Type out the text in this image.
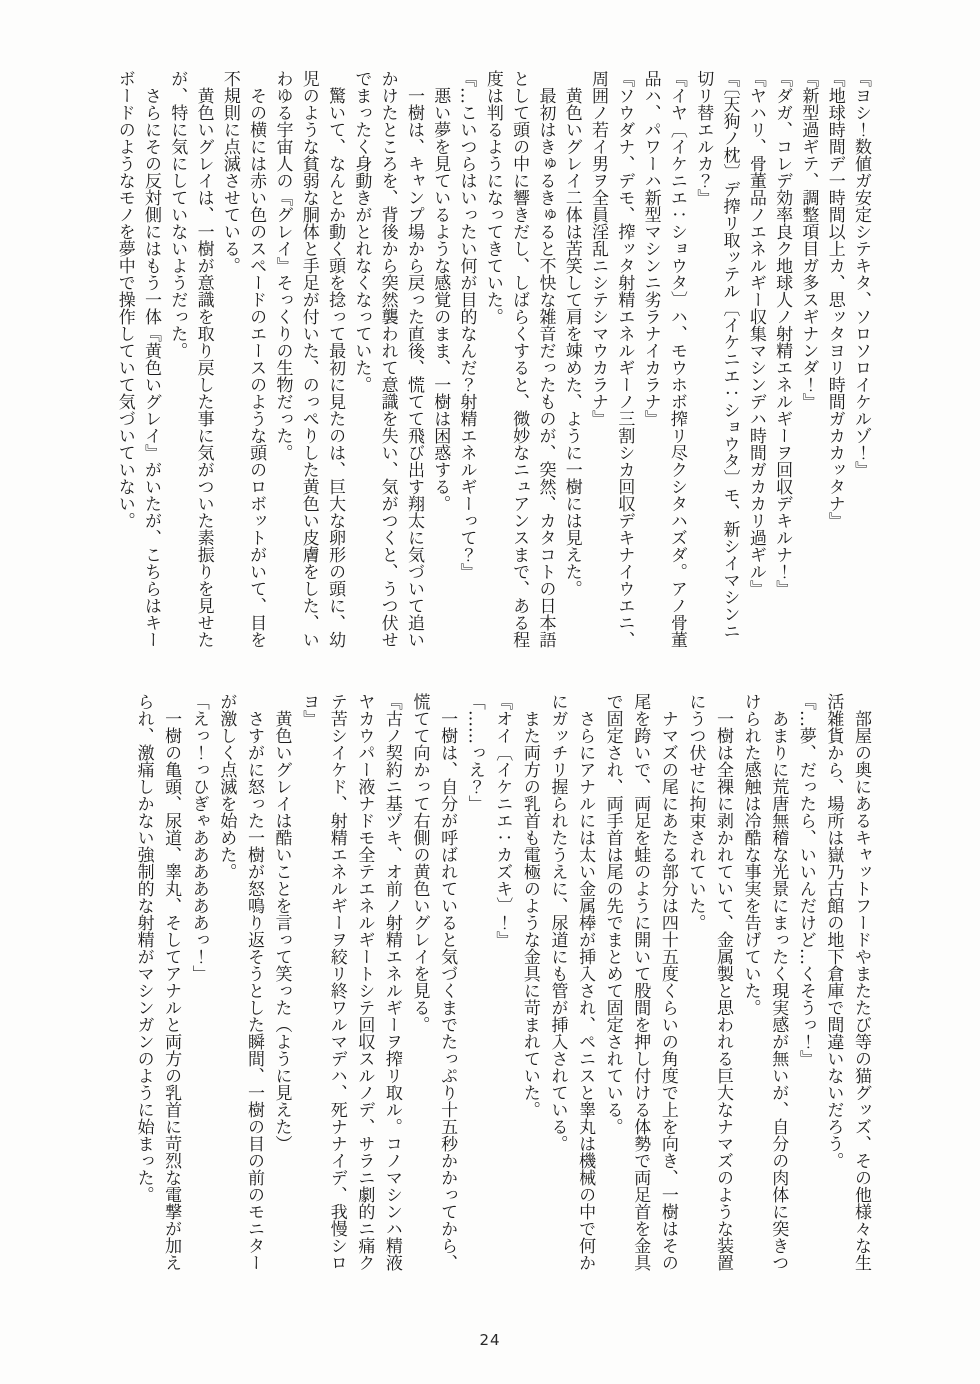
『ヨシ！数値ガ安定シテキタ、ソロソロイケルゾ！』

『地球時間デ一時間以上カ、思ッタヨリ時間ガカカッタナ』

『新型過ギテ、調整項目ガ多スギナンダ！』

『ダガ、コレデ効率良ク地球人ノ射精エネルギーヲ回収デキルナ！』

『ヤハリ、骨董品ノエネルギー収集マシンデハ時間ガカカリ過ギル』

『〔天狗ノ枕〕デ搾リ取ッテル〔イケニエ：ショウタ〕モ、新シイマシンニ

切リ替エルカ？』

『イヤ〔イケニエ：ショウタ〕ハ、モウホボ搾リ尽クシタハズダ。アノ骨董

品ハ、パワーハ新型マシンニ劣ラナイカラナ』

『ソウダナ、デモ、搾ッタ射精エネルギーノ三割シカ回収デキナイウエニ、

周囲ノ若イ男ヲ全員淫乱ニシテシマウカラナ』

　黄色いグレイ二体は苦笑して肩を竦めた、ように一樹には見えた。

　最初はきゅるきゅると不快な雑音だったものが、突然、カタコトの日本語

として頭の中に響きだし、しばらくすると、微妙なニュアンスまで、ある程

度は判るようになってきていた。

『…こいつらはいったい何が目的なんだ？射精エネルギーって？』

　悪い夢を見ているような感覚のまま、一樹は困惑する。

　一樹は、キャンプ場から戻った直後、慌てて飛び出す翔太に気づいて追い

かけたところを、背後から突然襲われて意識を失い、気がつくと、うつ伏せ

でまったく身動きがとれなくなっていた。

　驚いて、なんとか動く頭を捻って最初に見たのは、巨大な卵形の頭に、幼

児のような貧弱な胴体と手足が付いた、のっぺりした黄色い皮膚をした、い

わゆる宇宙人の『グレイ』そっくりの生物だった。

　その横には赤い色のスペードのエースのような頭のロボットがいて、目を

不規則に点滅させている。

　黄色いグレイは、一樹が意識を取り戻した事に気がついた素振りを見せた

が、特に気にしていないようだった。

　さらにその反対側にはもう一体『黄色いグレイ』がいたが、こちらはキー

ボードのようなモノを夢中で操作していて気づいていない。

　部屋の奥にあるキャットフードやまたたび等の猫グッズ、その他様々な生

活雑貨から、場所は嶽乃古館の地下倉庫で間違いないだろう。

『…夢、だったら、いいんだけど…くそうっ！』

　あまりに荒唐無稽な光景にまったく現実感が無いが、自分の肉体に突きつ

けられた感触は冷酷な事実を告げていた。

　一樹は全裸に剥かれていて、金属製と思われる巨大なナマズのような装置

にうつ伏せに拘束されていた。

　ナマズの尾にあたる部分は四十五度くらいの角度で上を向き、一樹はその

尾を跨いで、両足を蛙のように開いて股間を押し付ける体勢で両足首を金具

で固定され、両手首は尾の先でまとめて固定されている。

　さらにアナルには太い金属棒が挿入され、ペニスと睾丸は機械の中で何か

にガッチリ握られたうえに、尿道にも管が挿入されている。

　また両方の乳首も電極のような金具に苛まれていた。

『オイ〔イケニエ：カズキ〕！』

「……っえ？」

　一樹は、自分が呼ばれていると気づくまでたっぷり十五秒かかってから、

慌てて向かって右側の黄色いグレイを見る。

『古ノ契約ニ基ヅキ、オ前ノ射精エネルギーヲ搾リ取ル。コノマシンハ精液

ヤカウパー液ナドモ全テエネルギートシテ回収スルノデ、サラニ劇的ニ痛ク

テ苦シイケド、射精エネルギーヲ絞リ終ワルマデハ、死ナナイデ、我慢シロ

ヨ』

　黄色いグレイは酷いことを言って笑った（ように見えた）

　さすがに怒った一樹が怒鳴り返そうとした瞬間、一樹の目の前のモニター

が激しく点滅を始めた。

「えっ！っひぎゃああああああっ！」

　一樹の亀頭、尿道、睾丸、そしてアナルと両方の乳首に苛烈な電撃が加え

られ、激痛しかない強制的な射精がマシンガンのように始まった。

24
